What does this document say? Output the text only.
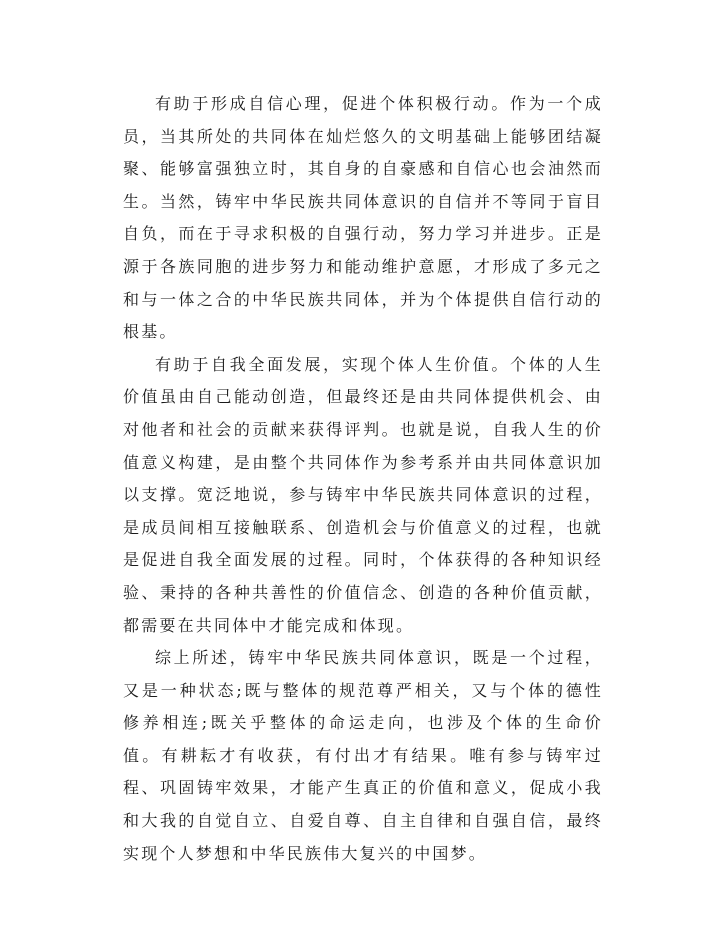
有助于形成自信心理，促进个体积极行动。作为一个成员，当其所处的共同体在灿烂悠久的文明基础上能够团结凝聚、能够富强独立时，其自身的自豪感和自信心也会油然而生。当然，铸牢中华民族共同体意识的自信并不等同于盲目自负，而在于寻求积极的自强行动，努力学习并进步。正是源于各族同胞的进步努力和能动维护意愿，才形成了多元之和与一体之合的中华民族共同体，并为个体提供自信行动的根基。

有助于自我全面发展，实现个体人生价值。个体的人生价值虽由自己能动创造，但最终还是由共同体提供机会、由对他者和社会的贡献来获得评判。也就是说，自我人生的价值意义构建，是由整个共同体作为参考系并由共同体意识加以支撑。宽泛地说，参与铸牢中华民族共同体意识的过程，是成员间相互接触联系、创造机会与价值意义的过程，也就是促进自我全面发展的过程。同时，个体获得的各种知识经验、秉持的各种共善性的价值信念、创造的各种价值贡献，都需要在共同体中才能完成和体现。

综上所述，铸牢中华民族共同体意识，既是一个过程，又是一种状态;既与整体的规范尊严相关，又与个体的德性修养相连;既关乎整体的命运走向，也涉及个体的生命价值。有耕耘才有收获，有付出才有结果。唯有参与铸牢过程、巩固铸牢效果，才能产生真正的价值和意义，促成小我和大我的自觉自立、自爱自尊、自主自律和自强自信，最终实现个人梦想和中华民族伟大复兴的中国梦。
